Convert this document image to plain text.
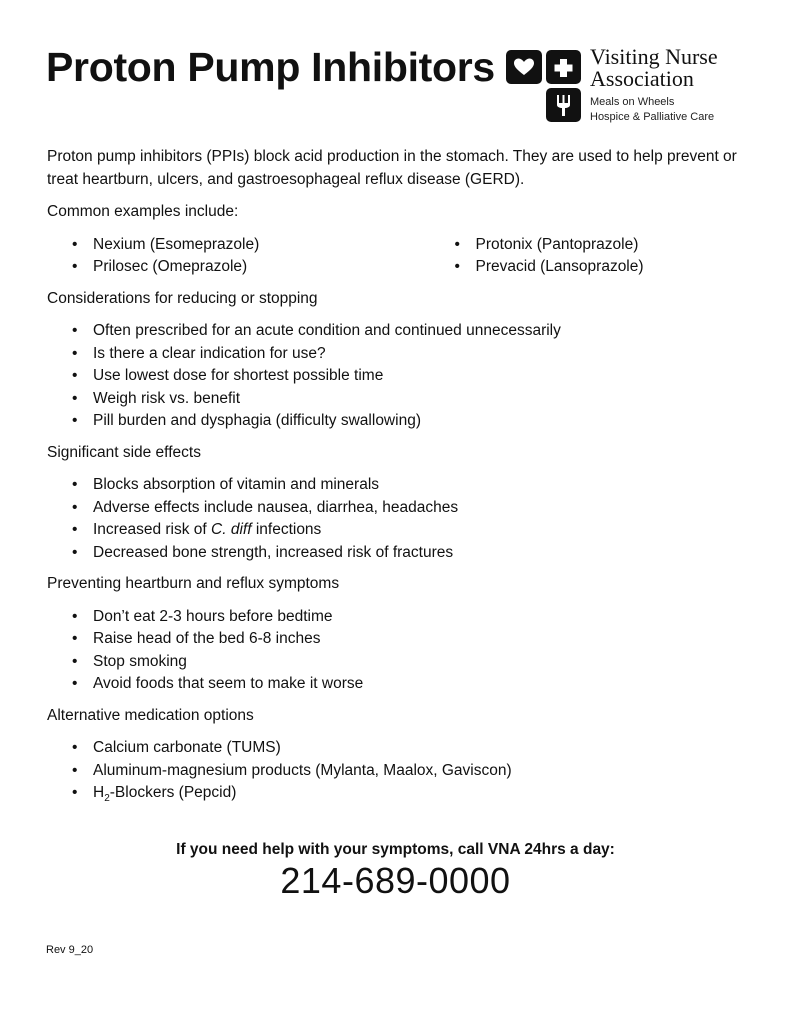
Proton Pump Inhibitors	Visiting Nurse
Association
Meals on Wheels
Hospice & Palliative Care

Proton pump inhibitors (PPIs) block acid production in the stomach. They are used to help prevent or treat heartburn, ulcers, and gastroesophageal reflux disease (GERD).

Common examples include:

• Nexium (Esomeprazole)
• Prilosec (Omeprazole)
• Protonix (Pantoprazole)
• Prevacid (Lansoprazole)

Considerations for reducing or stopping

• Often prescribed for an acute condition and continued unnecessarily
• Is there a clear indication for use?
• Use lowest dose for shortest possible time
• Weigh risk vs. benefit
• Pill burden and dysphagia (difficulty swallowing)

Significant side effects

• Blocks absorption of vitamin and minerals
• Adverse effects include nausea, diarrhea, headaches
• Increased risk of C. diff infections
• Decreased bone strength, increased risk of fractures

Preventing heartburn and reflux symptoms

• Don’t eat 2-3 hours before bedtime
• Raise head of the bed 6-8 inches
• Stop smoking
• Avoid foods that seem to make it worse

Alternative medication options

• Calcium carbonate (TUMS)
• Aluminum-magnesium products (Mylanta, Maalox, Gaviscon)
• $H_2$-Blockers (Pepcid)
If you need help with your symptoms, call VNA 24hrs a day:
214-689-0000
Rev 9_20
